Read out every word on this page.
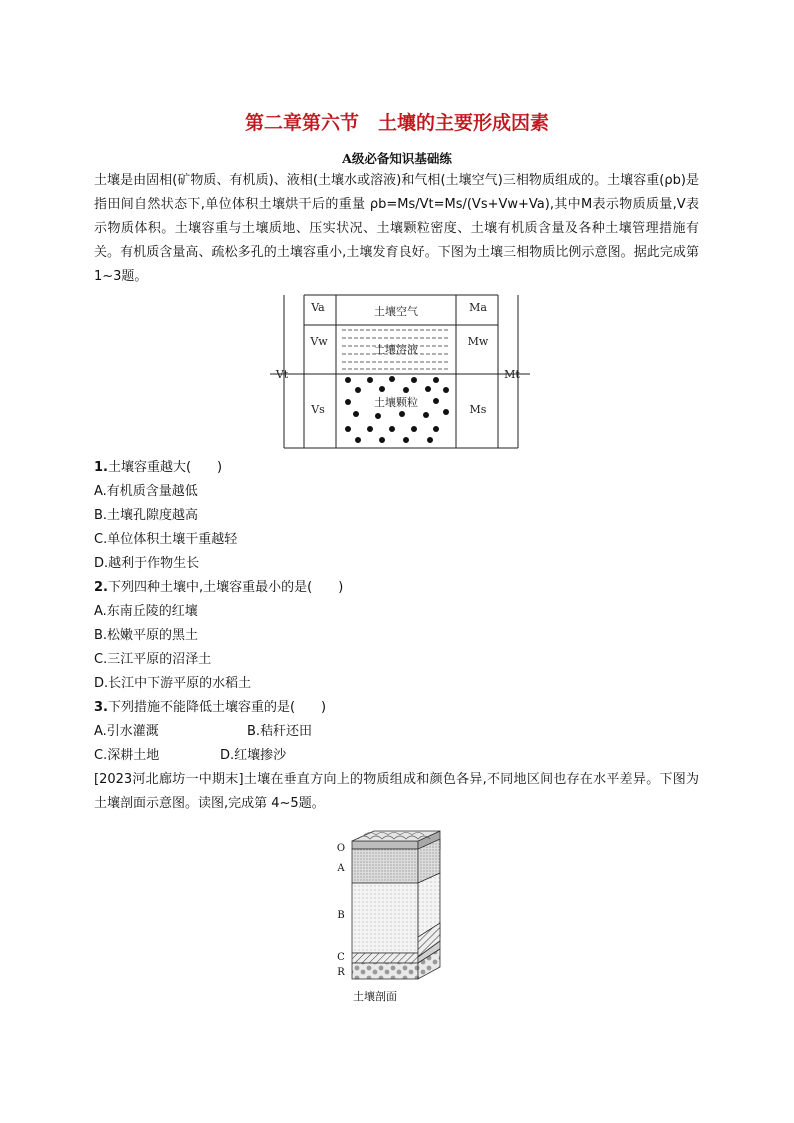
第二章第六节　土壤的主要形成因素
A级必备知识基础练
土壤是由固相(矿物质、有机质)、液相(土壤水或溶液)和气相(土壤空气)三相物质组成的。土壤容重(ρb)是指田间自然状态下,单位体积土壤烘干后的重量 ρb=Ms/Vt=Ms/(Vs+Vw+Va),其中M表示物质质量,V表示物质体积。土壤容重与土壤质地、压实状况、土壤颗粒密度、土壤有机质含量及各种土壤管理措施有关。有机质含量高、疏松多孔的土壤容重小,土壤发育良好。下图为土壤三相物质比例示意图。据此完成第 1~3题。
土壤空气
土壤溶液
土壤颗粒
Va
Vw
Vs
Vt
Ma
Mw
Ms
Mt
1.土壤容重越大(　　)
A.有机质含量越低
B.土壤孔隙度越高
C.单位体积土壤干重越轻
D.越利于作物生长
2.下列四种土壤中,土壤容重最小的是(　　)
A.东南丘陵的红壤
B.松嫩平原的黑土
C.三江平原的沼泽土
D.长江中下游平原的水稻土
3.下列措施不能降低土壤容重的是(　　)
A.引水灌溉	B.秸秆还田
C.深耕土地	D.红壤掺沙
[2023河北廊坊一中期末]土壤在垂直方向上的物质组成和颜色各异,不同地区间也存在水平差异。下图为土壤剖面示意图。读图,完成第 4~5题。
O
A
B
C
R
土壤剖面
